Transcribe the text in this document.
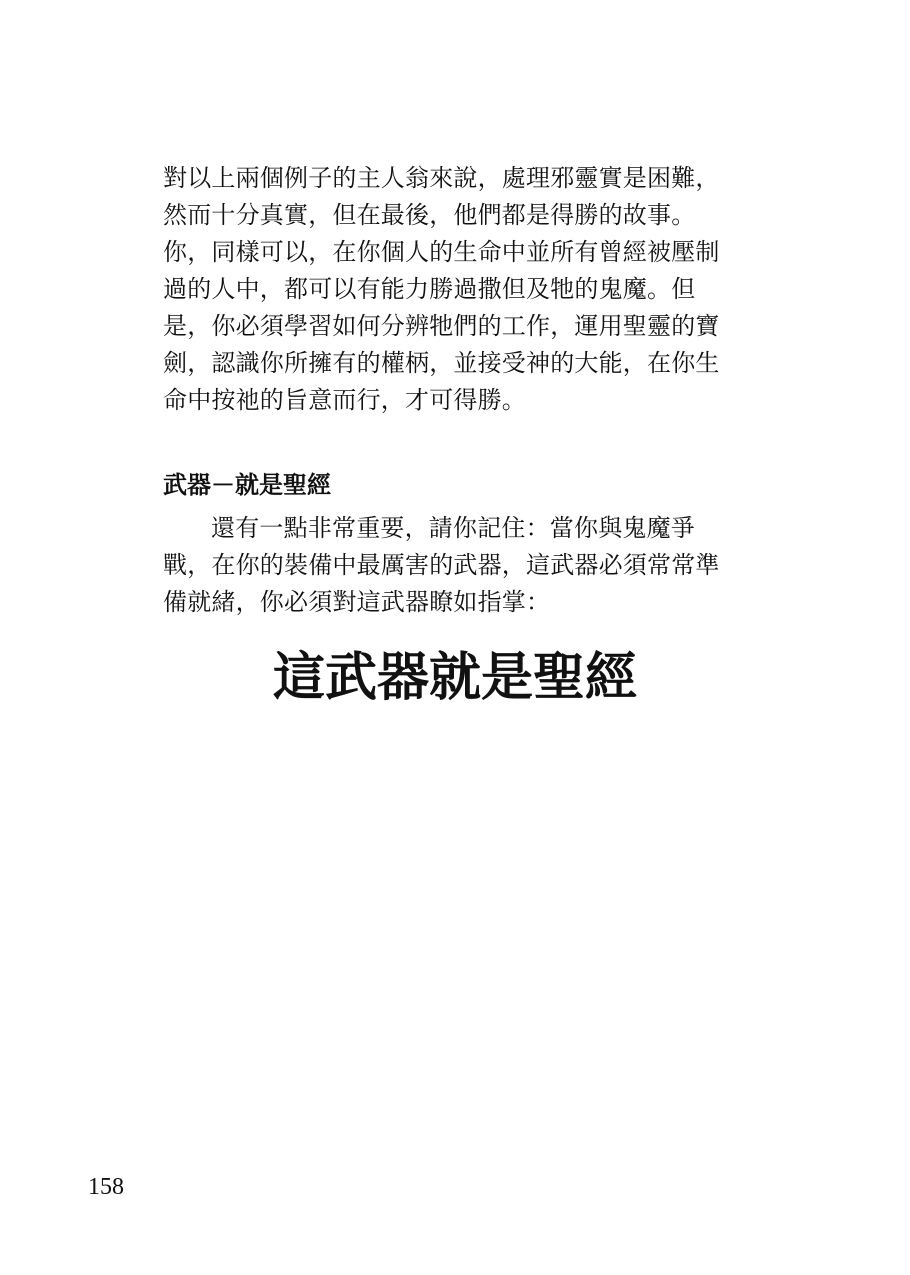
對以上兩個例子的主人翁來說，處理邪靈實是困難，
然而十分真實，但在最後，他們都是得勝的故事。
你，同樣可以，在你個人的生命中並所有曾經被壓制
過的人中，都可以有能力勝過撒但及牠的鬼魔。但
是，你必須學習如何分辨牠們的工作，運用聖靈的寶
劍，認識你所擁有的權柄，並接受神的大能，在你生
命中按祂的旨意而行，才可得勝。
武器－就是聖經
還有一點非常重要，請你記住：當你與鬼魔爭
戰，在你的裝備中最厲害的武器，這武器必須常常準
備就緒，你必須對這武器瞭如指掌：
這武器就是聖經
158
